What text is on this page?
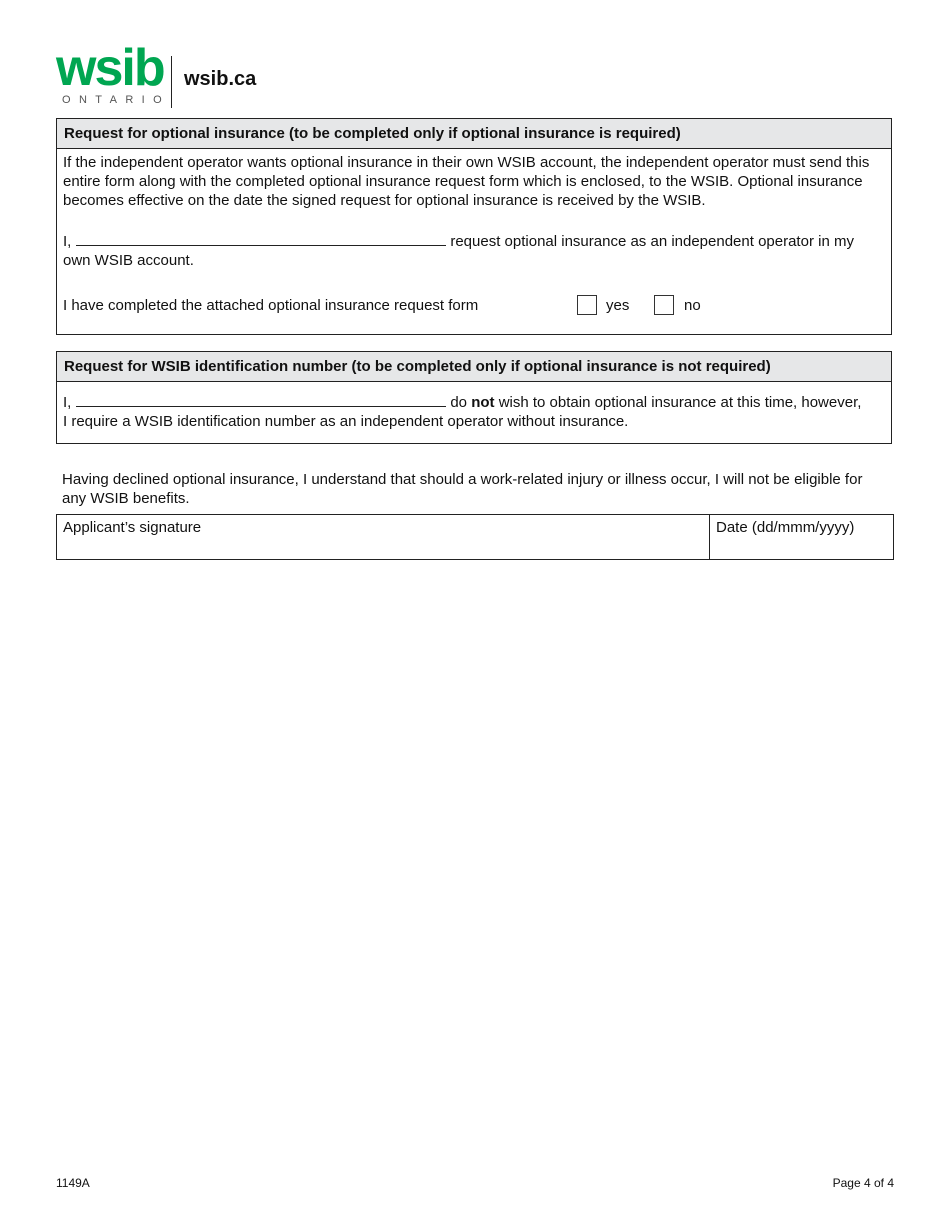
wsib
ONTARIO
wsib.ca
Request for optional insurance (to be completed only if optional insurance is required)
If the independent operator wants optional insurance in their own WSIB account, the independent operator must send this entire form along with the completed optional insurance request form which is enclosed, to the WSIB. Optional insurance becomes effective on the date the signed request for optional insurance is received by the WSIB.
I,	request optional insurance as an independent operator in my
own WSIB account.
I have completed the attached optional insurance request form	yes	no
Request for WSIB identification number (to be completed only if optional insurance is not required)
I,	do not wish to obtain optional insurance at this time, however,
I require a WSIB identification number as an independent operator without insurance.
Having declined optional insurance, I understand that should a work-related injury or illness occur, I will not be eligible for any WSIB benefits.
Applicant’s signature	Date (dd/mmm/yyyy)
1149A	Page 4 of 4
